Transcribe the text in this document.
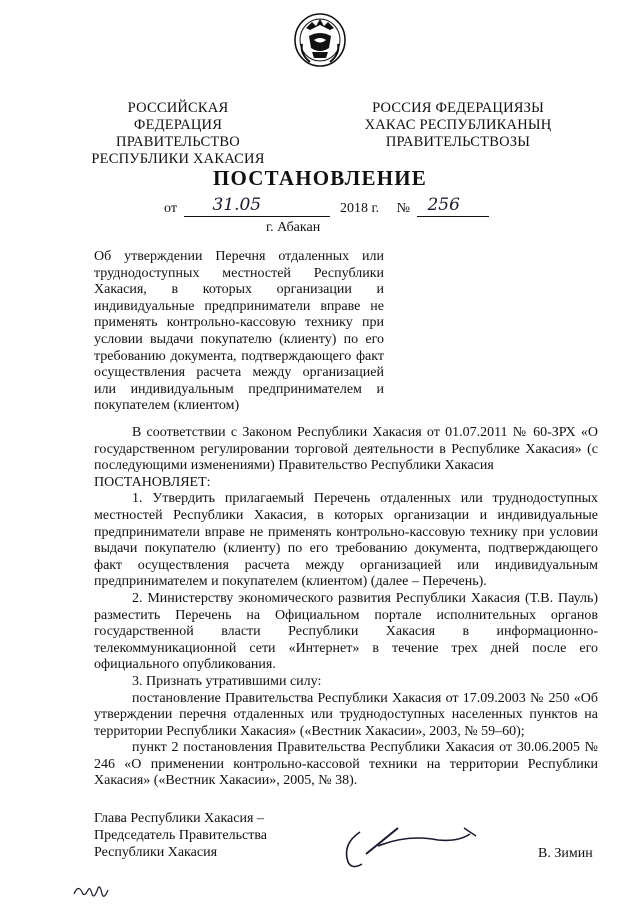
РОССИЙСКАЯ ФЕДЕРАЦИЯ
ПРАВИТЕЛЬСТВО
РЕСПУБЛИКИ ХАКАСИЯ
РОССИЯ ФЕДЕРАЦИЯЗЫ
ХАКАС РЕСПУБЛИКАНЫҢ
ПРАВИТЕЛЬСТВОЗЫ
ПОСТАНОВЛЕНИЕ
от 31.05	2018 г. № 256
г. Абакан
Об утверждении Перечня отдаленных или труднодоступных местностей Республики Хакасия, в которых организации и индивидуальные предприниматели вправе не применять контрольно-кассовую технику при условии выдачи покупателю (клиенту) по его требованию документа, подтверждающего факт осуществления расчета между организацией или индивидуальным предпринимателем и покупателем (клиентом)

В соответствии с Законом Республики Хакасия от 01.07.2011 № 60-ЗРХ «О государственном регулировании торговой деятельности в Республике Хакасия» (с последующими изменениями) Правительство Республики Хакасия

ПОСТАНОВЛЯЕТ:

1. Утвердить прилагаемый Перечень отдаленных или труднодоступных местностей Республики Хакасия, в которых организации и индивидуальные предприниматели вправе не применять контрольно-кассовую технику при условии выдачи покупателю (клиенту) по его требованию документа, подтверждающего факт осуществления расчета между организацией или индивидуальным предпринимателем и покупателем (клиентом) (далее – Перечень).

2. Министерству экономического развития Республики Хакасия (Т.В. Пауль) разместить Перечень на Официальном портале исполнительных органов государственной власти Республики Хакасия в информационно-телекоммуникационной сети «Интернет» в течение трех дней после его официального опубликования.

3. Признать утратившими силу:

постановление Правительства Республики Хакасия от 17.09.2003 № 250 «Об утверждении перечня отдаленных или труднодоступных населенных пунктов на территории Республики Хакасия» («Вестник Хакасии», 2003, № 59–60);

пункт 2 постановления Правительства Республики Хакасия от 30.06.2005 № 246 «О применении контрольно-кассовой техники на территории Республики Хакасия» («Вестник Хакасии», 2005, № 38).

Глава Республики Хакасия –
Председатель Правительства
Республики Хакасия	В. Зимин
